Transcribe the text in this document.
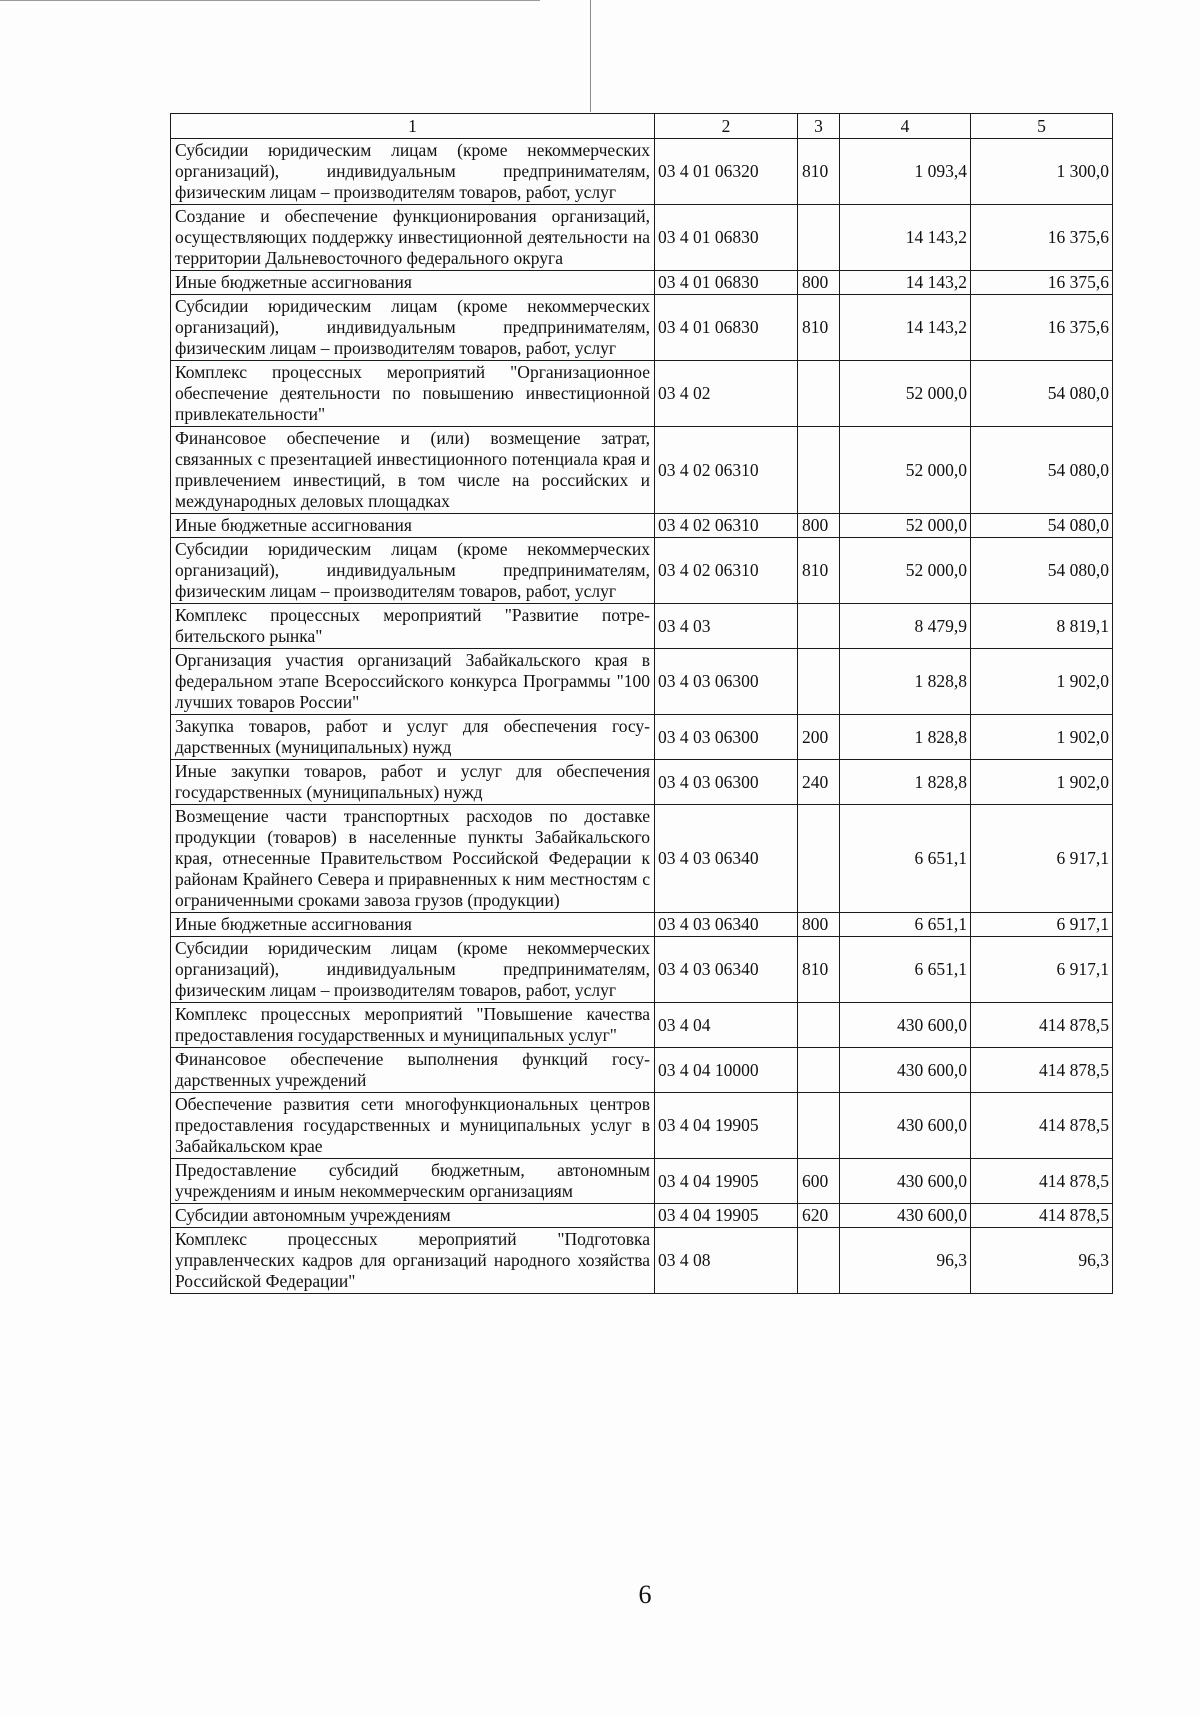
1	2	3	4	5
Субсидии юридическим лицам (кроме некоммерческих организаций), индивидуальным предпринимателям, физическим лицам – производителям товаров, работ, услуг	03 4 01 06320	810	1 093,4	1 300,0
Создание и обеспечение функционирования организаций, осуществляющих поддержку инвестиционной деятельности на территории Дальневосточного федерального округа	03 4 01 06830		14 143,2	16 375,6
Иные бюджетные ассигнования	03 4 01 06830	800	14 143,2	16 375,6
Субсидии юридическим лицам (кроме некоммерческих организаций), индивидуальным предпринимателям, физическим лицам – производителям товаров, работ, услуг	03 4 01 06830	810	14 143,2	16 375,6
Комплекс процессных мероприятий "Организационное обеспечение деятельности по повышению инвестиционной привлекательности"	03 4 02		52 000,0	54 080,0
Финансовое обеспечение и (или) возмещение затрат, связанных с презентацией инвестиционного потенциала края и привлечением инвестиций, в том числе на российских и международных деловых площадках	03 4 02 06310		52 000,0	54 080,0
Иные бюджетные ассигнования	03 4 02 06310	800	52 000,0	54 080,0
Субсидии юридическим лицам (кроме некоммерческих организаций), индивидуальным предпринимателям, физическим лицам – производителям товаров, работ, услуг	03 4 02 06310	810	52 000,0	54 080,0
Комплекс процессных мероприятий "Развитие потребительского рынка"	03 4 03		8 479,9	8 819,1
Организация участия организаций Забайкальского края в федеральном этапе Всероссийского конкурса Программы "100 лучших товаров России"	03 4 03 06300		1 828,8	1 902,0
Закупка товаров, работ и услуг для обеспечения государственных (муниципальных) нужд	03 4 03 06300	200	1 828,8	1 902,0
Иные закупки товаров, работ и услуг для обеспечения государственных (муниципальных) нужд	03 4 03 06300	240	1 828,8	1 902,0
Возмещение части транспортных расходов по доставке продукции (товаров) в населенные пункты Забайкальского края, отнесенные Правительством Российской Федерации к районам Крайнего Севера и приравненных к ним местностям с ограниченными сроками завоза грузов (продукции)	03 4 03 06340		6 651,1	6 917,1
Иные бюджетные ассигнования	03 4 03 06340	800	6 651,1	6 917,1
Субсидии юридическим лицам (кроме некоммерческих организаций), индивидуальным предпринимателям, физическим лицам – производителям товаров, работ, услуг	03 4 03 06340	810	6 651,1	6 917,1
Комплекс процессных мероприятий "Повышение качества предоставления государственных и муниципальных услуг"	03 4 04		430 600,0	414 878,5
Финансовое обеспечение выполнения функций государственных учреждений	03 4 04 10000		430 600,0	414 878,5
Обеспечение развития сети многофункциональных центров предоставления государственных и муниципальных услуг в Забайкальском крае	03 4 04 19905		430 600,0	414 878,5
Предоставление субсидий бюджетным, автономным учреждениям и иным некоммерческим организациям	03 4 04 19905	600	430 600,0	414 878,5
Субсидии автономным учреждениям	03 4 04 19905	620	430 600,0	414 878,5
Комплекс процессных мероприятий "Подготовка управленческих кадров для организаций народного хозяйства Российской Федерации"	03 4 08		96,3	96,3
6
